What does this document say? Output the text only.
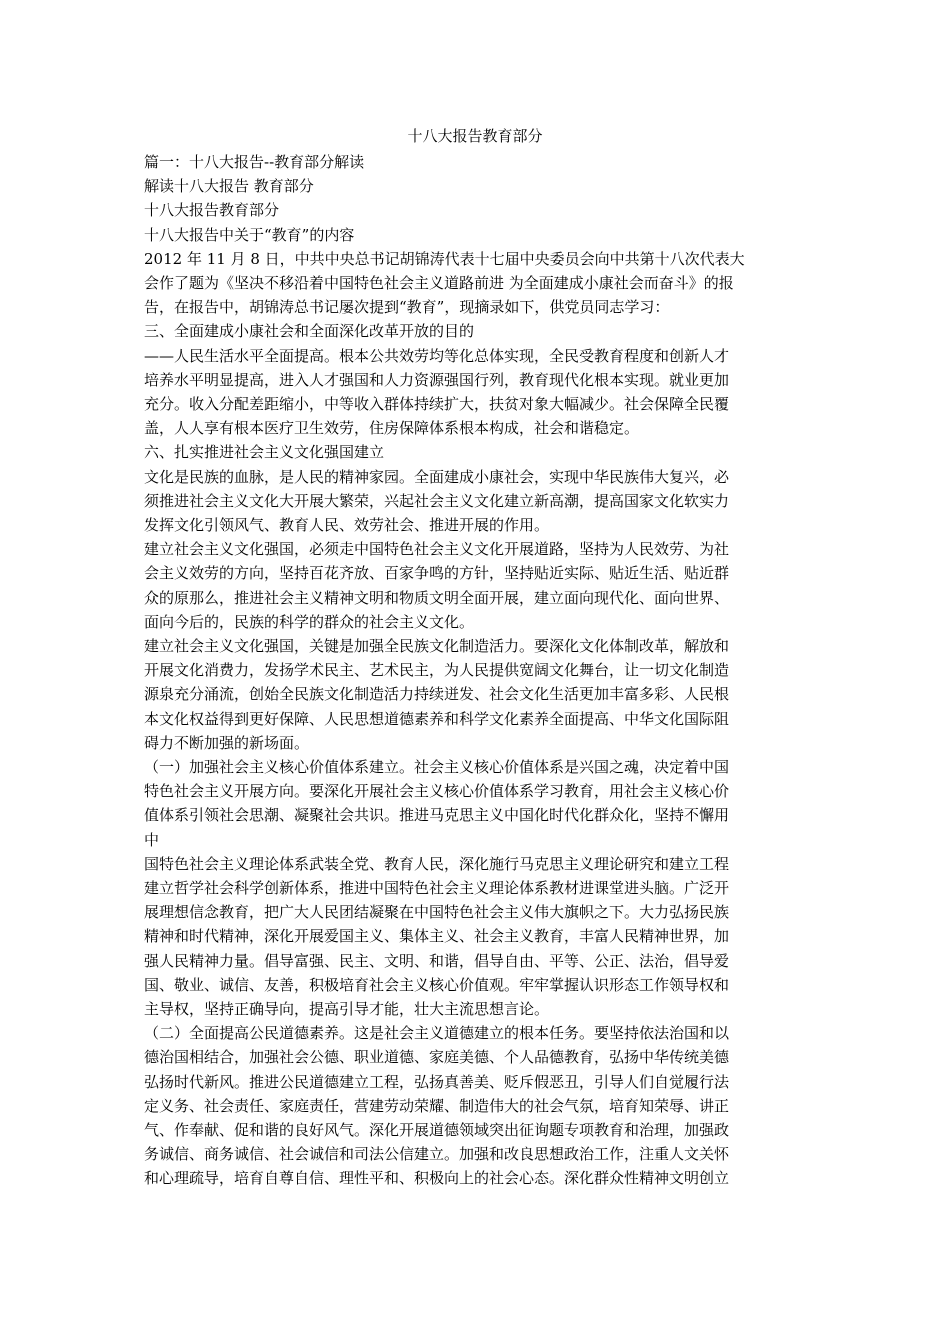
十八大报告教育部分
篇一：十八大报告--教育部分解读
解读十八大报告 教育部分
十八大报告教育部分
十八大报告中关于“教育”的内容
2012 年 11 月 8 日，中共中央总书记胡锦涛代表十七届中央委员会向中共第十八次代表大
会作了题为《坚决不移沿着中国特色社会主义道路前进 为全面建成小康社会而奋斗》的报
告，在报告中，胡锦涛总书记屡次提到“教育”，现摘录如下，供党员同志学习：
三、全面建成小康社会和全面深化改革开放的目的
——人民生活水平全面提高。根本公共效劳均等化总体实现，全民受教育程度和创新人才
培养水平明显提高，进入人才强国和人力资源强国行列，教育现代化根本实现。就业更加
充分。收入分配差距缩小，中等收入群体持续扩大，扶贫对象大幅减少。社会保障全民覆
盖，人人享有根本医疗卫生效劳，住房保障体系根本构成，社会和谐稳定。
六、扎实推进社会主义文化强国建立
文化是民族的血脉，是人民的精神家园。全面建成小康社会，实现中华民族伟大复兴，必
须推进社会主义文化大开展大繁荣，兴起社会主义文化建立新高潮，提高国家文化软实力
发挥文化引领风气、教育人民、效劳社会、推进开展的作用。
建立社会主义文化强国，必须走中国特色社会主义文化开展道路，坚持为人民效劳、为社
会主义效劳的方向，坚持百花齐放、百家争鸣的方针，坚持贴近实际、贴近生活、贴近群
众的原那么，推进社会主义精神文明和物质文明全面开展，建立面向现代化、面向世界、
面向今后的，民族的科学的群众的社会主义文化。
建立社会主义文化强国，关键是加强全民族文化制造活力。要深化文化体制改革，解放和
开展文化消费力，发扬学术民主、艺术民主，为人民提供宽阔文化舞台，让一切文化制造
源泉充分涌流，创始全民族文化制造活力持续迸发、社会文化生活更加丰富多彩、人民根
本文化权益得到更好保障、人民思想道德素养和科学文化素养全面提高、中华文化国际阻
碍力不断加强的新场面。
（一）加强社会主义核心价值体系建立。社会主义核心价值体系是兴国之魂，决定着中国
特色社会主义开展方向。要深化开展社会主义核心价值体系学习教育，用社会主义核心价
值体系引领社会思潮、凝聚社会共识。推进马克思主义中国化时代化群众化，坚持不懈用
中
国特色社会主义理论体系武装全党、教育人民，深化施行马克思主义理论研究和建立工程
建立哲学社会科学创新体系，推进中国特色社会主义理论体系教材进课堂进头脑。广泛开
展理想信念教育，把广大人民团结凝聚在中国特色社会主义伟大旗帜之下。大力弘扬民族
精神和时代精神，深化开展爱国主义、集体主义、社会主义教育，丰富人民精神世界，加
强人民精神力量。倡导富强、民主、文明、和谐，倡导自由、平等、公正、法治，倡导爱
国、敬业、诚信、友善，积极培育社会主义核心价值观。牢牢掌握认识形态工作领导权和
主导权，坚持正确导向，提高引导才能，壮大主流思想言论。
（二）全面提高公民道德素养。这是社会主义道德建立的根本任务。要坚持依法治国和以
德治国相结合，加强社会公德、职业道德、家庭美德、个人品德教育，弘扬中华传统美德
弘扬时代新风。推进公民道德建立工程，弘扬真善美、贬斥假恶丑，引导人们自觉履行法
定义务、社会责任、家庭责任，营建劳动荣耀、制造伟大的社会气氛，培育知荣辱、讲正
气、作奉献、促和谐的良好风气。深化开展道德领域突出征询题专项教育和治理，加强政
务诚信、商务诚信、社会诚信和司法公信建立。加强和改良思想政治工作，注重人文关怀
和心理疏导，培育自尊自信、理性平和、积极向上的社会心态。深化群众性精神文明创立
